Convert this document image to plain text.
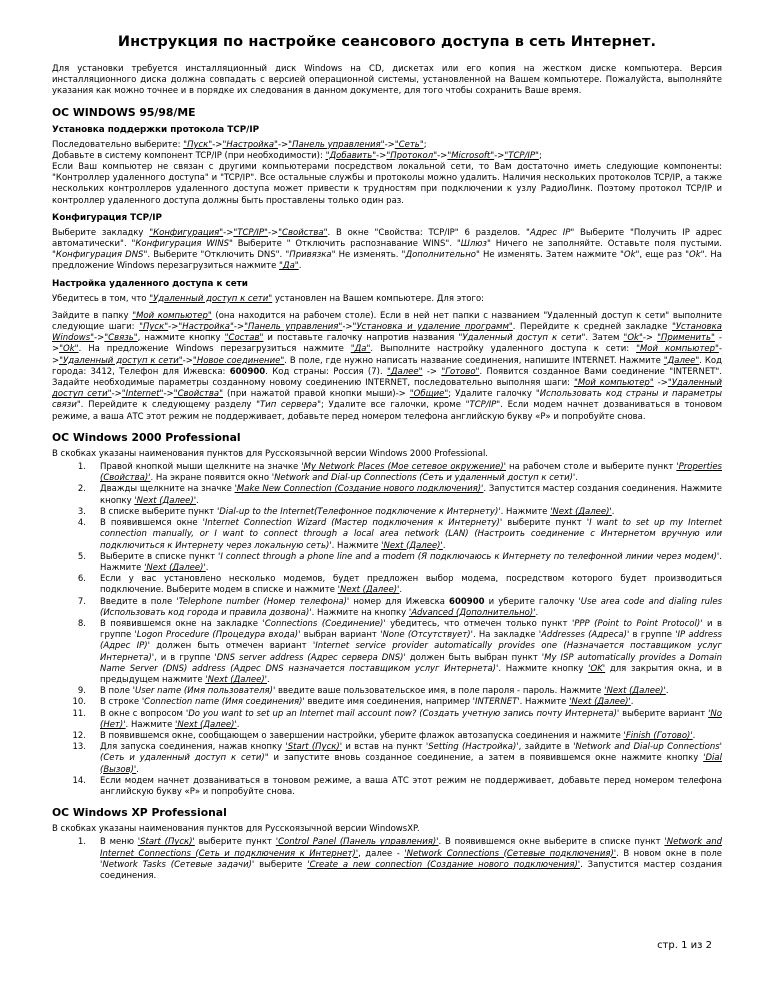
Инструкция по настройке сеансового доступа в сеть Интернет.

Для установки требуется инсталляционный диск Windows на CD, дискетах или его копия на жестком диске компьютера. Версия инсталляционного диска должна совпадать с версией операционной системы, установленной на Вашем компьютере. Пожалуйста, выполняйте указания как можно точнее и в порядке их следования в данном документе, для того чтобы сохранить Ваше время.

ОС WINDOWS 95/98/ME
Установка поддержки протокола TCP/IP

Последовательно выберите: "Пуск"->"Настройка"->"Панель управления"->"Сеть";
Добавьте в систему компонент TCP/IP (при необходимости): "Добавить"->"Протокол"->"Microsoft"->"TCP/IP";
Если Ваш компьютер не связан с другими компьютерами посредством локальной сети, то Вам достаточно иметь следующие компоненты: "Контроллер удаленного доступа" и "TCP/IP". Все остальные службы и протоколы можно удалить. Наличия нескольких протоколов TCP/IP, а также нескольких контроллеров удаленного доступа может привести к трудностям при подключении к узлу РадиоЛинк. Поэтому протокол TCP/IP и контроллер удаленного доступа должны быть проставлены только один раз.

Конфигурация TCP/IP

Выберите закладку "Конфигурация"->"TCP/IP"->"Свойства". В окне "Свойства: TCP/IP" 6 разделов. "Адрес IP" Выберите "Получить IP адрес автоматически". "Конфигурация WINS" Выберите " Отключить распознавание WINS". "Шлюз" Ничего не заполняйте. Оставьте поля пустыми. "Конфигурация DNS". Выберите "Отключить DNS". "Привязка" Не изменять. "Дополнительно" Не изменять. Затем нажмите "Ok", еще раз "Ok". На предложение Windows перезагрузиться нажмите "Да".

Настройка удаленного доступа к сети

Убедитесь в том, что "Удаленный доступ к сети" установлен на Вашем компьютере. Для этого:

Зайдите в папку "Мой компьютер" (она находится на рабочем столе). Если в ней нет папки с названием "Удаленный доступ к сети" выполните следующие шаги: "Пуск"->"Настройка"->"Панель управления"->"Установка и удаление программ". Перейдите к средней закладке "Установка Windows"->"Связь", нажмите кнопку "Состав" и поставьте галочку напротив названия "Удаленный доступ к сети". Затем "Ok"-> "Применить" ->"Ok". На предложение Windows перезагрузиться нажмите "Да". Выполните настройку удаленного доступа к сети: "Мой компьютер"->"Удаленный доступ к сети"->"Новое соединение". В поле, где нужно написать название соединения, напишите INTERNET. Нажмите "Далее". Код города: 3412, Телефон для Ижевска: 600900. Код страны: Россия (7). "Далее" -> "Готово". Появится созданное Вами соединение "INTERNET". Задайте необходимые параметры созданному новому соединению INTERNET, последовательно выполняя шаги: "Мой компьютер" ->"Удаленный доступ сети"->"Internet"->"Свойства" (при нажатой правой кнопки мыши)-> "Общие"; Удалите галочку "Использовать код страны и параметры связи". Перейдите к следующему разделу "Тип сервера"; Удалите все галочки, кроме "TCP/IP". Если модем начнет дозваниваться в тоновом режиме, а ваша АТС этот режим не поддерживает, добавьте перед номером телефона английскую букву «P» и попробуйте снова.

ОС Windows 2000 Professional

В скобках указаны наименования пунктов для Русскоязычной версии Windows 2000 Professional.

1. Правой кнопкой мыши щелкните на значке 'My Network Places (Мое сетевое окружение)' на рабочем столе и выберите пункт 'Properties (Свойства)'. На экране появится окно 'Network and Dial-up Connections (Сеть и удаленный доступ к сети)'.
2. Дважды щелкните на значке 'Make New Connection (Создание нового подключения)'. Запустится мастер создания соединения. Нажмите кнопку 'Next (Далее)'.
3. В списке выберите пункт 'Dial-up to the Internet(Телефонное подключение к Интернету)'. Нажмите 'Next (Далее)'.
4. В появившемся окне 'Internet Connection Wizard (Мастер подключения к Интернету)' выберите пункт 'I want to set up my Internet connection manually, or I want to connect through a local area network (LAN) (Настроить соединение с Интернетом вручную или подключиться к Интернету через локальную сеть)'. Нажмите 'Next (Далее)'.
5. Выберите в списке пункт 'I connect through a phone line and a modem (Я подключаюсь к Интернету по телефонной линии через модем)'. Нажмите 'Next (Далее)'.
6. Если у вас установлено несколько модемов, будет предложен выбор модема, посредством которого будет производиться подключение. Выберите модем в списке и нажмите 'Next (Далее)'.
7. Введите в поле 'Telephone number (Номер телефона)' номер для Ижевска 600900 и уберите галочку 'Use area code and dialing rules (Использовать код города и правила дозвона)'. Нажмите на кнопку 'Advanced (Дополнительно)'.
8. В появившемся окне на закладке 'Connections (Соединение)' убедитесь, что отмечен только пункт 'PPP (Point to Point Protocol)' и в группе 'Logon Procedure (Процедура входа)' выбран вариант 'None (Отсутствует)'. На закладке 'Addresses (Адреса)' в группе 'IP address (Адрес IP)' должен быть отмечен вариант 'Internet service provider automatically provides one (Назначается поставщиком услуг Интернета)', и в группе 'DNS server address (Адрес сервера DNS)' должен быть выбран пункт 'My ISP automatically provides a Domain Name Server (DNS) address (Адрес DNS назначается поставщиком услуг Интернета)'. Нажмите кнопку 'OK' для закрытия окна, и в предыдущем нажмите 'Next (Далее)'.
9. В поле 'User name (Имя пользователя)' введите ваше пользовательское имя, в поле пароля - пароль. Нажмите 'Next (Далее)'.
10. В строке 'Connection name (Имя соединения)' введите имя соединения, например 'INTERNET'. Нажмите 'Next (Далее)'.
11. В окне с вопросом 'Do you want to set up an Internet mail account now? (Создать учетную запись почту Интернета)' выберите вариант 'No (Нет)'. Нажмите 'Next (Далее)'.
12. В появившемся окне, сообщающем о завершении настройки, уберите флажок автозапуска соединения и нажмите 'Finish (Готово)'.
13. Для запуска соединения, нажав кнопку 'Start (Пуск)' и встав на пункт 'Setting (Настройка)', зайдите в 'Network and Dial-up Connections' (Сеть и удаленный доступ к сети)" и запустите вновь созданное соединение, а затем в появившемся окне нажмите кнопку 'Dial (Вызов)'.
14. Если модем начнет дозваниваться в тоновом режиме, а ваша АТС этот режим не поддерживает, добавьте перед номером телефона английскую букву «P» и попробуйте снова.
ОС Windows XP Professional

В скобках указаны наименования пунктов для Русскоязычной версии WindowsXP.

1. В меню 'Start (Пуск)' выберите пункт 'Control Panel (Панель управления)'. В появившемся окне выберите в списке пункт 'Network and Internet Connections (Сеть и подключения к Интернет)', далее - 'Network Connections (Сетевые подключения)'. В новом окне в поле 'Network Tasks (Сетевые задачи)' выберите 'Create a new connection (Создание нового подключения)'. Запустится мастер создания соединения.
стр. 1 из 2
